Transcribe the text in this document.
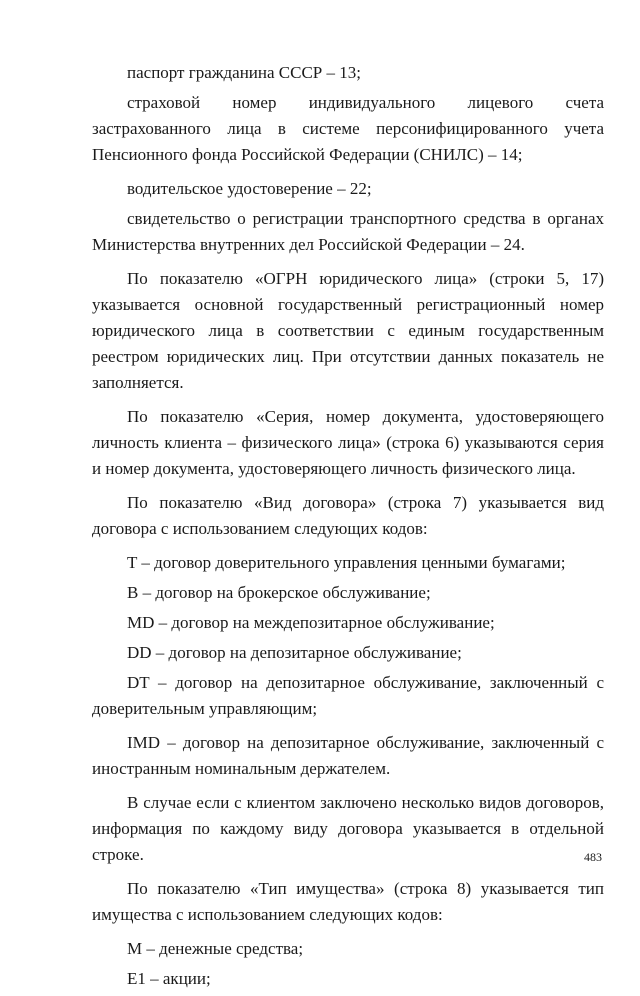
паспорт гражданина СССР – 13;

страховой номер индивидуального лицевого счета застрахованного лица в системе персонифицированного учета Пенсионного фонда Российской Федерации (СНИЛС) – 14;

водительское удостоверение – 22;

свидетельство о регистрации транспортного средства в органах Министерства внутренних дел Российской Федерации – 24.

По показателю «ОГРН юридического лица» (строки 5, 17) указывается основной государственный регистрационный номер юридического лица в соответствии с единым государственным реестром юридических лиц. При отсутствии данных показатель не заполняется.

По показателю «Серия, номер документа, удостоверяющего личность клиента – физического лица» (строка 6) указываются серия и номер документа, удостоверяющего личность физического лица.

По показателю «Вид договора» (строка 7) указывается вид договора с использованием следующих кодов:

T – договор доверительного управления ценными бумагами;

B – договор на брокерское обслуживание;

MD – договор на междепозитарное обслуживание;

DD – договор на депозитарное обслуживание;

DT – договор на депозитарное обслуживание, заключенный с доверительным управляющим;

IMD – договор на депозитарное обслуживание, заключенный с иностранным номинальным держателем.

В случае если с клиентом заключено несколько видов договоров, информация по каждому виду договора указывается в отдельной строке.

По показателю «Тип имущества» (строка 8) указывается тип имущества с использованием следующих кодов:

M – денежные средства;

E1 – акции;

483
